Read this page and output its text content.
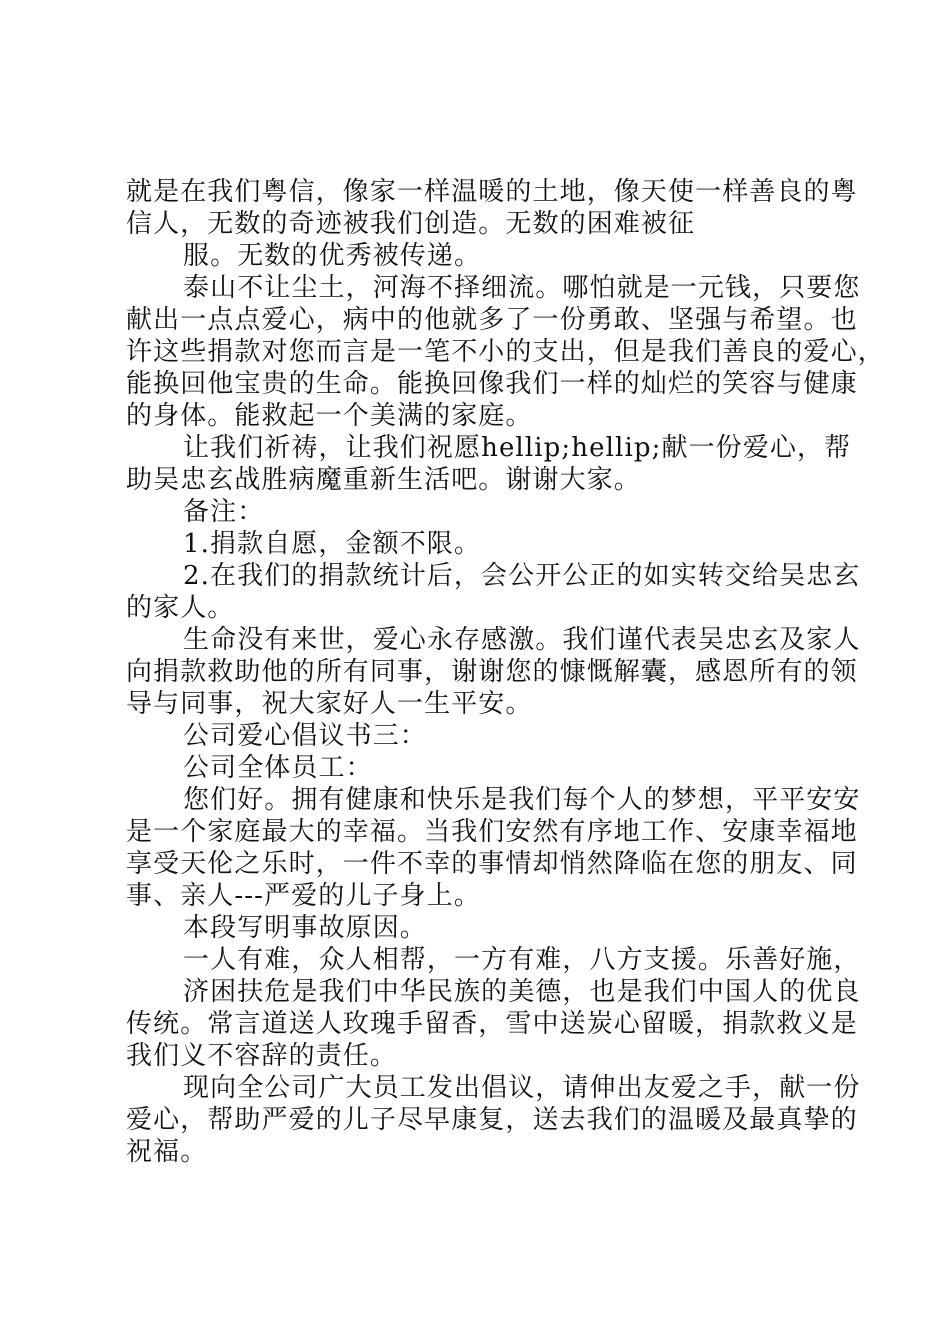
就是在我们粤信，像家一样温暖的土地，像天使一样善良的粤
信人，无数的奇迹被我们创造。无数的困难被征
服。无数的优秀被传递。
泰山不让尘土，河海不择细流。哪怕就是一元钱，只要您
献出一点点爱心，病中的他就多了一份勇敢、坚强与希望。也
许这些捐款对您而言是一笔不小的支出，但是我们善良的爱心，
能换回他宝贵的生命。能换回像我们一样的灿烂的笑容与健康
的身体。能救起一个美满的家庭。
让我们祈祷，让我们祝愿hellip;hellip;献一份爱心，帮
助吴忠玄战胜病魔重新生活吧。谢谢大家。
备注：
1.捐款自愿，金额不限。
2.在我们的捐款统计后，会公开公正的如实转交给吴忠玄
的家人。
生命没有来世，爱心永存感激。我们谨代表吴忠玄及家人
向捐款救助他的所有同事，谢谢您的慷慨解囊，感恩所有的领
导与同事，祝大家好人一生平安。
公司爱心倡议书三：
公司全体员工：
您们好。拥有健康和快乐是我们每个人的梦想，平平安安
是一个家庭最大的幸福。当我们安然有序地工作、安康幸福地
享受天伦之乐时，一件不幸的事情却悄然降临在您的朋友、同
事、亲人---严爱的儿子身上。
本段写明事故原因。
一人有难，众人相帮，一方有难，八方支援。乐善好施，
济困扶危是我们中华民族的美德，也是我们中国人的优良
传统。常言道送人玫瑰手留香，雪中送炭心留暖，捐款救义是
我们义不容辞的责任。
现向全公司广大员工发出倡议，请伸出友爱之手，献一份
爱心，帮助严爱的儿子尽早康复，送去我们的温暖及最真挚的
祝福。
